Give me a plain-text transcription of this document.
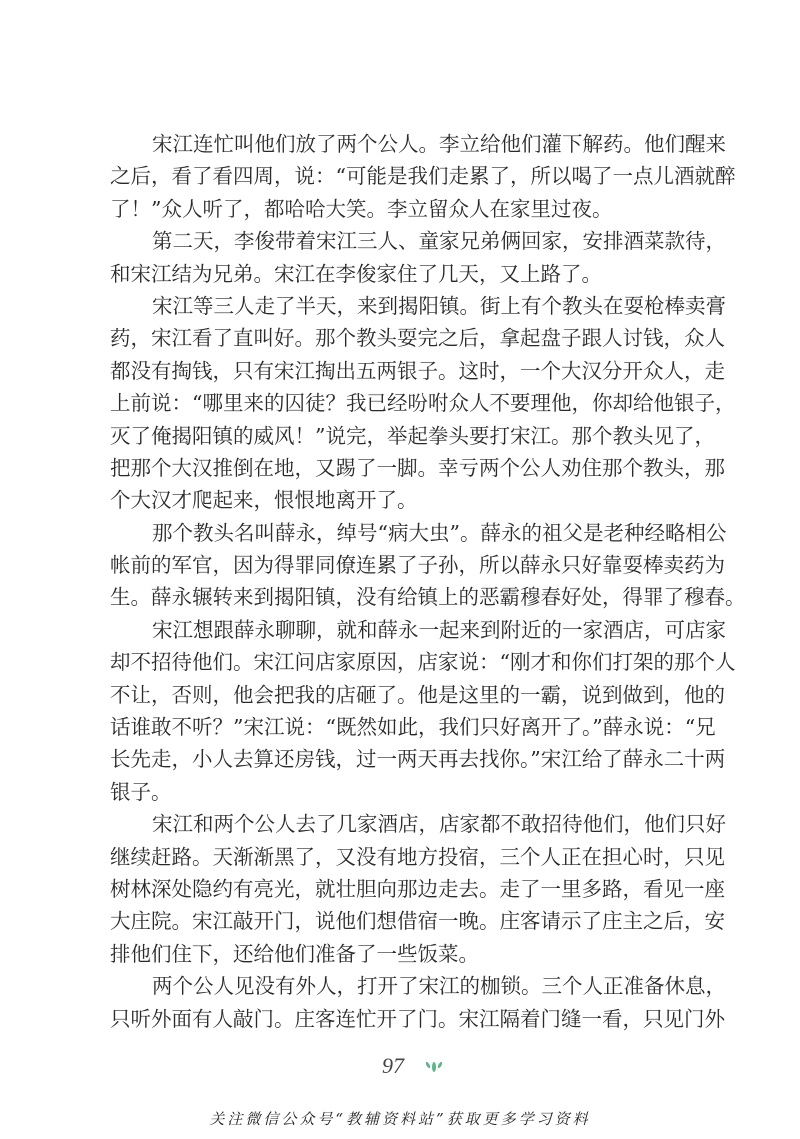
宋江连忙叫他们放了两个公人。李立给他们灌下解药。他们醒来
之后，看了看四周，说：“可能是我们走累了，所以喝了一点儿酒就醉
了！”众人听了，都哈哈大笑。李立留众人在家里过夜。
第二天，李俊带着宋江三人、童家兄弟俩回家，安排酒菜款待，
和宋江结为兄弟。宋江在李俊家住了几天，又上路了。
宋江等三人走了半天，来到揭阳镇。街上有个教头在耍枪棒卖膏
药，宋江看了直叫好。那个教头耍完之后，拿起盘子跟人讨钱，众人
都没有掏钱，只有宋江掏出五两银子。这时，一个大汉分开众人，走
上前说：“哪里来的囚徒？我已经吩咐众人不要理他，你却给他银子，
灭了俺揭阳镇的威风！”说完，举起拳头要打宋江。那个教头见了，
把那个大汉推倒在地，又踢了一脚。幸亏两个公人劝住那个教头，那
个大汉才爬起来，恨恨地离开了。
那个教头名叫薛永，绰号“病大虫”。薛永的祖父是老种经略相公
帐前的军官，因为得罪同僚连累了子孙，所以薛永只好靠耍棒卖药为
生。薛永辗转来到揭阳镇，没有给镇上的恶霸穆春好处，得罪了穆春。
宋江想跟薛永聊聊，就和薛永一起来到附近的一家酒店，可店家
却不招待他们。宋江问店家原因，店家说：“刚才和你们打架的那个人
不让，否则，他会把我的店砸了。他是这里的一霸，说到做到，他的
话谁敢不听？”宋江说：“既然如此，我们只好离开了。”薛永说：“兄
长先走，小人去算还房钱，过一两天再去找你。”宋江给了薛永二十两
银子。
宋江和两个公人去了几家酒店，店家都不敢招待他们，他们只好
继续赶路。天渐渐黑了，又没有地方投宿，三个人正在担心时，只见
树林深处隐约有亮光，就壮胆向那边走去。走了一里多路，看见一座
大庄院。宋江敲开门，说他们想借宿一晚。庄客请示了庄主之后，安
排他们住下，还给他们准备了一些饭菜。
两个公人见没有外人，打开了宋江的枷锁。三个人正准备休息，
只听外面有人敲门。庄客连忙开了门。宋江隔着门缝一看，只见门外
97
关注微信公众号“教辅资料站”获取更多学习资料
